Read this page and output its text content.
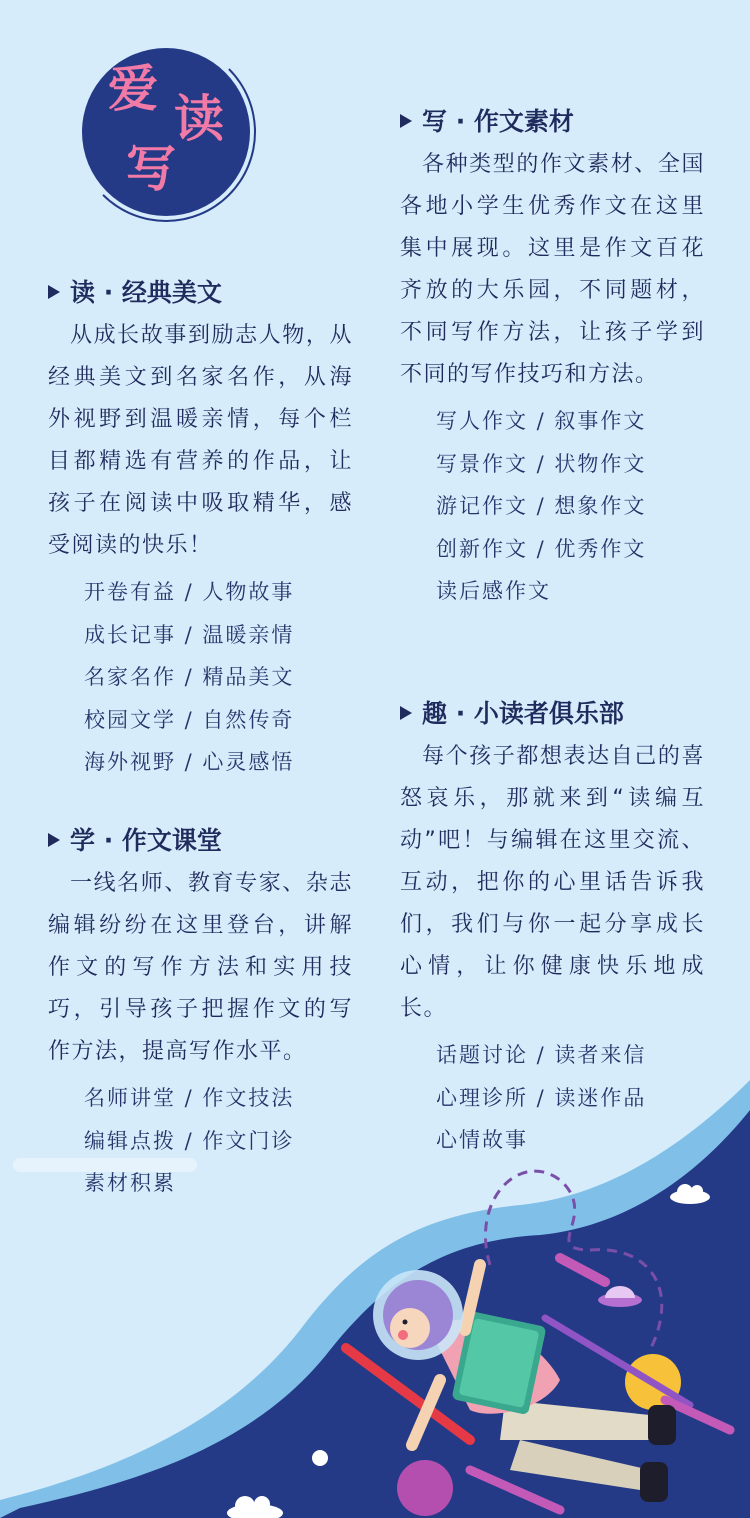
爱
读
写
读 · 经典美文
从成长故事到励志人物，从经典美文到名家名作，从海外视野到温暖亲情，每个栏目都精选有营养的作品，让孩子在阅读中吸取精华，感受阅读的快乐！
开卷有益 / 人物故事
成长记事 / 温暖亲情
名家名作 / 精品美文
校园文学 / 自然传奇
海外视野 / 心灵感悟
学 · 作文课堂
一线名师、教育专家、杂志编辑纷纷在这里登台，讲解作文的写作方法和实用技巧，引导孩子把握作文的写作方法，提高写作水平。
名师讲堂 / 作文技法
编辑点拨 / 作文门诊
素材积累
写 · 作文素材
各种类型的作文素材、全国各地小学生优秀作文在这里集中展现。这里是作文百花齐放的大乐园，不同题材，不同写作方法，让孩子学到不同的写作技巧和方法。
写人作文 / 叙事作文
写景作文 / 状物作文
游记作文 / 想象作文
创新作文 / 优秀作文
读后感作文
趣 · 小读者俱乐部
每个孩子都想表达自己的喜怒哀乐，那就来到“读编互动”吧！与编辑在这里交流、互动，把你的心里话告诉我们，我们与你一起分享成长心情，让你健康快乐地成长。
话题讨论 / 读者来信
心理诊所 / 读迷作品
心情故事
